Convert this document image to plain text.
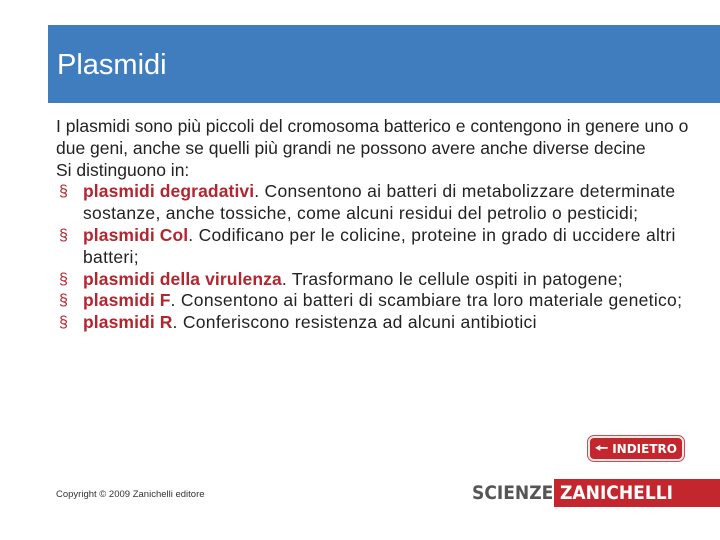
Plasmidi

I plasmidi sono più piccoli del cromosoma batterico e contengono in genere uno o due geni, anche se quelli più grandi ne possono avere anche diverse decine

Si distinguono in:

§ plasmidi degradativi. Consentono ai batteri di metabolizzare determinate sostanze, anche tossiche, come alcuni residui del petrolio o pesticidi;
§ plasmidi Col. Codificano per le colicine, proteine in grado di uccidere altri batteri;
§ plasmidi della virulenza. Trasformano le cellule ospiti in patogene;
§ plasmidi F. Consentono ai batteri di scambiare tra loro materiale genetico;
§ plasmidi R. Conferiscono resistenza ad alcuni antibiotici
🠔 INDIETRO
Copyright © 2009 Zanichelli editore	SCIENZE ZANICHELLI
